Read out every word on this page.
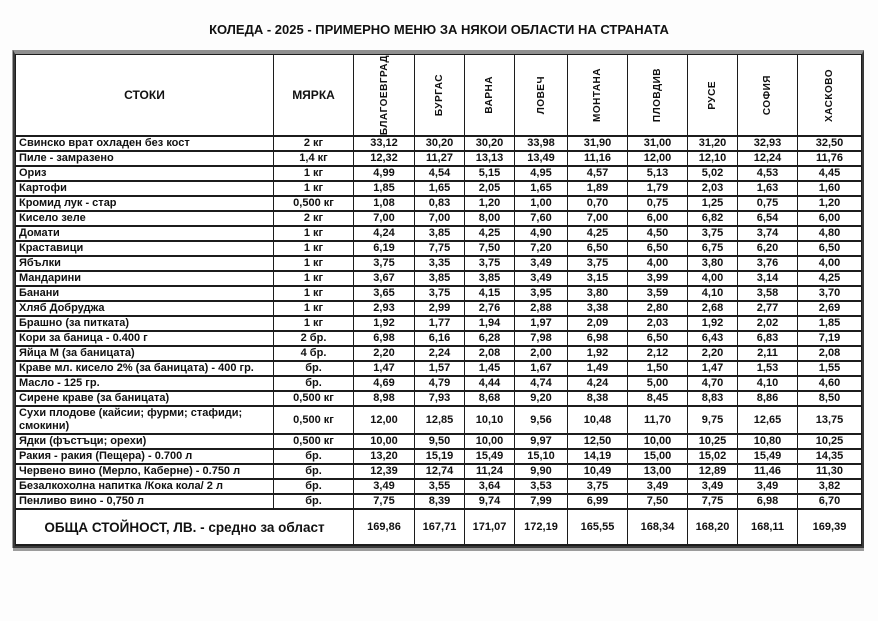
КОЛЕДА - 2025 - ПРИМЕРНО МЕНЮ ЗА НЯКОИ ОБЛАСТИ НА СТРАНАТА
СТОКИ	МЯРКА	БЛАГОЕВГРАД	БУРГАС	ВАРНА	ЛОВЕЧ	МОНТАНА	ПЛОВДИВ	РУСЕ	СОФИЯ	ХАСКОВО

Свинско врат охладен без кост	2 кг	33,12	30,20	30,20	33,98	31,90	31,00	31,20	32,93	32,50
Пиле - замразено	1,4 кг	12,32	11,27	13,13	13,49	11,16	12,00	12,10	12,24	11,76
Ориз	1 кг	4,99	4,54	5,15	4,95	4,57	5,13	5,02	4,53	4,45
Картофи	1 кг	1,85	1,65	2,05	1,65	1,89	1,79	2,03	1,63	1,60
Кромид лук - стар	0,500 кг	1,08	0,83	1,20	1,00	0,70	0,75	1,25	0,75	1,20
Кисело зеле	2 кг	7,00	7,00	8,00	7,60	7,00	6,00	6,82	6,54	6,00
Домати	1 кг	4,24	3,85	4,25	4,90	4,25	4,50	3,75	3,74	4,80
Краставици	1 кг	6,19	7,75	7,50	7,20	6,50	6,50	6,75	6,20	6,50
Ябълки	1 кг	3,75	3,35	3,75	3,49	3,75	4,00	3,80	3,76	4,00
Мандарини	1 кг	3,67	3,85	3,85	3,49	3,15	3,99	4,00	3,14	4,25
Банани	1 кг	3,65	3,75	4,15	3,95	3,80	3,59	4,10	3,58	3,70
Хляб Добруджа	1 кг	2,93	2,99	2,76	2,88	3,38	2,80	2,68	2,77	2,69
Брашно (за питката)	1 кг	1,92	1,77	1,94	1,97	2,09	2,03	1,92	2,02	1,85
Кори за баница - 0.400 г	2 бр.	6,98	6,16	6,28	7,98	6,98	6,50	6,43	6,83	7,19
Яйца М (за баницата)	4 бр.	2,20	2,24	2,08	2,00	1,92	2,12	2,20	2,11	2,08
Краве мл. кисело 2% (за баницата) - 400 гр.	бр.	1,47	1,57	1,45	1,67	1,49	1,50	1,47	1,53	1,55
Масло - 125 гр.	бр.	4,69	4,79	4,44	4,74	4,24	5,00	4,70	4,10	4,60
Сирене краве (за баницата)	0,500 кг	8,98	7,93	8,68	9,20	8,38	8,45	8,83	8,86	8,50
Сухи плодове (кайсии; фурми; стафиди; смокини)	0,500 кг	12,00	12,85	10,10	9,56	10,48	11,70	9,75	12,65	13,75
Ядки (фъстъци; орехи)	0,500 кг	10,00	9,50	10,00	9,97	12,50	10,00	10,25	10,80	10,25
Ракия - ракия (Пещера) - 0.700 л	бр.	13,20	15,19	15,49	15,10	14,19	15,00	15,02	15,49	14,35
Червено вино (Мерло, Каберне) - 0.750 л	бр.	12,39	12,74	11,24	9,90	10,49	13,00	12,89	11,46	11,30
Безалкохолна напитка /Кока кола/ 2 л	бр.	3,49	3,55	3,64	3,53	3,75	3,49	3,49	3,49	3,82
Пенливо вино - 0,750 л	бр.	7,75	8,39	9,74	7,99	6,99	7,50	7,75	6,98	6,70
ОБЩА СТОЙНОСТ, ЛВ. - средно за област		169,86	167,71	171,07	172,19	165,55	168,34	168,20	168,11	169,39
